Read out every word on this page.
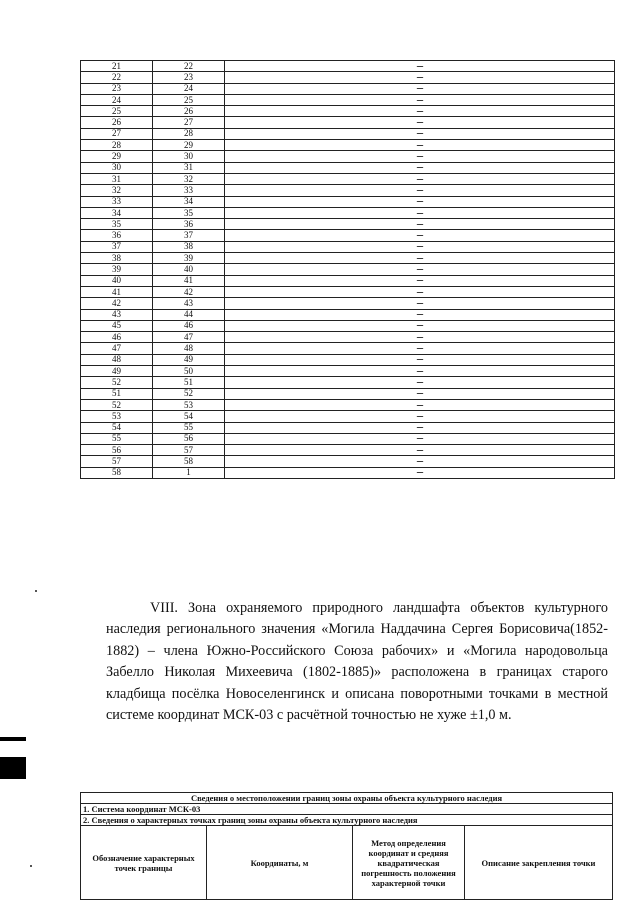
21	22	---
22	23	---
23	24	---
24	25	---
25	26	---
26	27	---
27	28	---
28	29	---
29	30	---
30	31	---
31	32	---
32	33	---
33	34	---
34	35	---
35	36	---
36	37	---
37	38	---
38	39	---
39	40	---
40	41	---
41	42	---
42	43	---
43	44	---
45	46	---
46	47	---
47	48	---
48	49	---
49	50	---
52	51	---
51	52	---
52	53	---
53	54	---
54	55	---
55	56	---
56	57	---
57	58	---
58	1	---

VIII. Зона охраняемого природного ландшафта объектов культурного наследия регионального значения «Могила Наддачина Сергея Борисовича(1852-1882) – члена Южно-Российского Союза рабочих» и «Могила народовольца Забелло Николая Михеевича (1802-1885)» расположена в границах старого кладбища посёлка Новоселенгинск и описана поворотными точками в местной системе координат МСК-03 с расчётной точностью не хуже ±1,0 м.

Сведения о местоположении границ зоны охраны объекта культурного наследия
1. Система координат МСК-03
2. Сведения о характерных точках границ зоны охраны объекта культурного наследия
Обозначение характерных точек границы	Координаты, м	Метод определения координат и средняя квадратическая погрешность положения характерной точки	Описание закрепления точки
